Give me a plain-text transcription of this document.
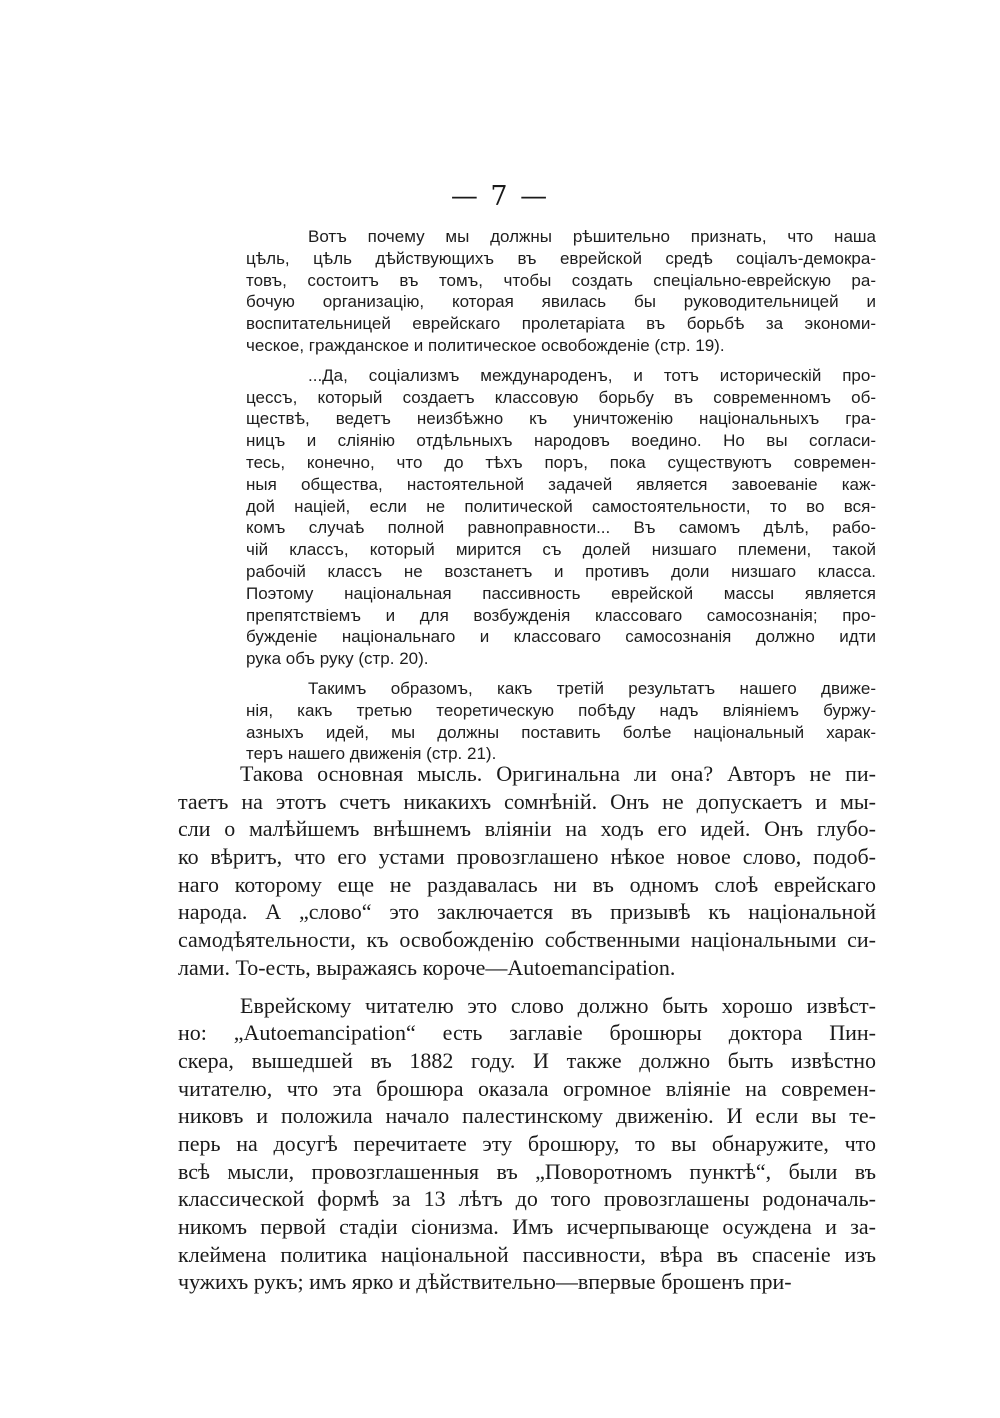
— 7 —
Вотъ почему мы должны рѣшительно признать, что наша
цѣль, цѣль дѣйствующихъ въ еврейской средѣ соціалъ-демокра-
товъ, состоитъ въ томъ, чтобы создать спеціально-еврейскую ра-
бочую организацію, которая явилась бы руководительницей и
воспитательницей еврейскаго пролетаріата въ борьбѣ за экономи-
ческое, гражданское и политическое освобожденіе (стр. 19).
...Да, соціализмъ международенъ, и тотъ историческій про-
цессъ, который создаетъ классовую борьбу въ современномъ об-
ществѣ, ведетъ неизбѣжно къ уничтоженію національныхъ гра-
ницъ и сліянію отдѣльныхъ народовъ воедино. Но вы согласи-
тесь, конечно, что до тѣхъ поръ, пока существуютъ современ-
ныя общества, настоятельной задачей является завоеваніе каж-
дой націей, если не политической самостоятельности, то во вся-
комъ случаѣ полной равноправности... Въ самомъ дѣлѣ, рабо-
чій классъ, который мирится съ долей низшаго племени, такой
рабочій классъ не возстанетъ и противъ доли низшаго класса.
Поэтому національная пассивность еврейской массы является
препятствіемъ и для возбужденія классоваго самосознанія; про-
бужденіе національнаго и классоваго самосознанія должно идти
рука объ руку (стр. 20).
Такимъ образомъ, какъ третій результатъ нашего движе-
нія, какъ третью теоретическую побѣду надъ вліяніемъ буржу-
азныхъ идей, мы должны поставить болѣе національный харак-
теръ нашего движенія (стр. 21).
Такова основная мысль. Оригинальна ли она? Авторъ не пи-
таетъ на этотъ счетъ никакихъ сомнѣній. Онъ не допускаетъ и мы-
сли о малѣйшемъ внѣшнемъ вліяніи на ходъ его идей. Онъ глубо-
ко вѣритъ, что его устами провозглашено нѣкое новое слово, подоб-
наго которому еще не раздавалась ни въ одномъ слоѣ еврейскаго
народа. А „слово“ это заключается въ призывѣ къ національной
самодѣятельности, къ освобожденію собственными національными си-
лами. То-есть, выражаясь короче—Autoemancipation.
Еврейскому читателю это слово должно быть хорошо извѣст-
но: „Autoemancipation“ есть заглавіе брошюры доктора Пин-
скера, вышедшей въ 1882 году. И также должно быть извѣстно
читателю, что эта брошюра оказала огромное вліяніе на современ-
никовъ и положила начало палестинскому движенію. И если вы те-
перь на досугѣ перечитаете эту брошюру, то вы обнаружите, что
всѣ мысли, провозглашенныя въ „Поворотномъ пунктѣ“, были въ
классической формѣ за 13 лѣтъ до того провозглашены родоначаль-
никомъ первой стадіи сіонизма. Имъ исчерпывающе осуждена и за-
клеймена политика національной пассивности, вѣра въ спасеніе изъ
чужихъ рукъ; имъ ярко и дѣйствительно—впервые брошенъ при-
